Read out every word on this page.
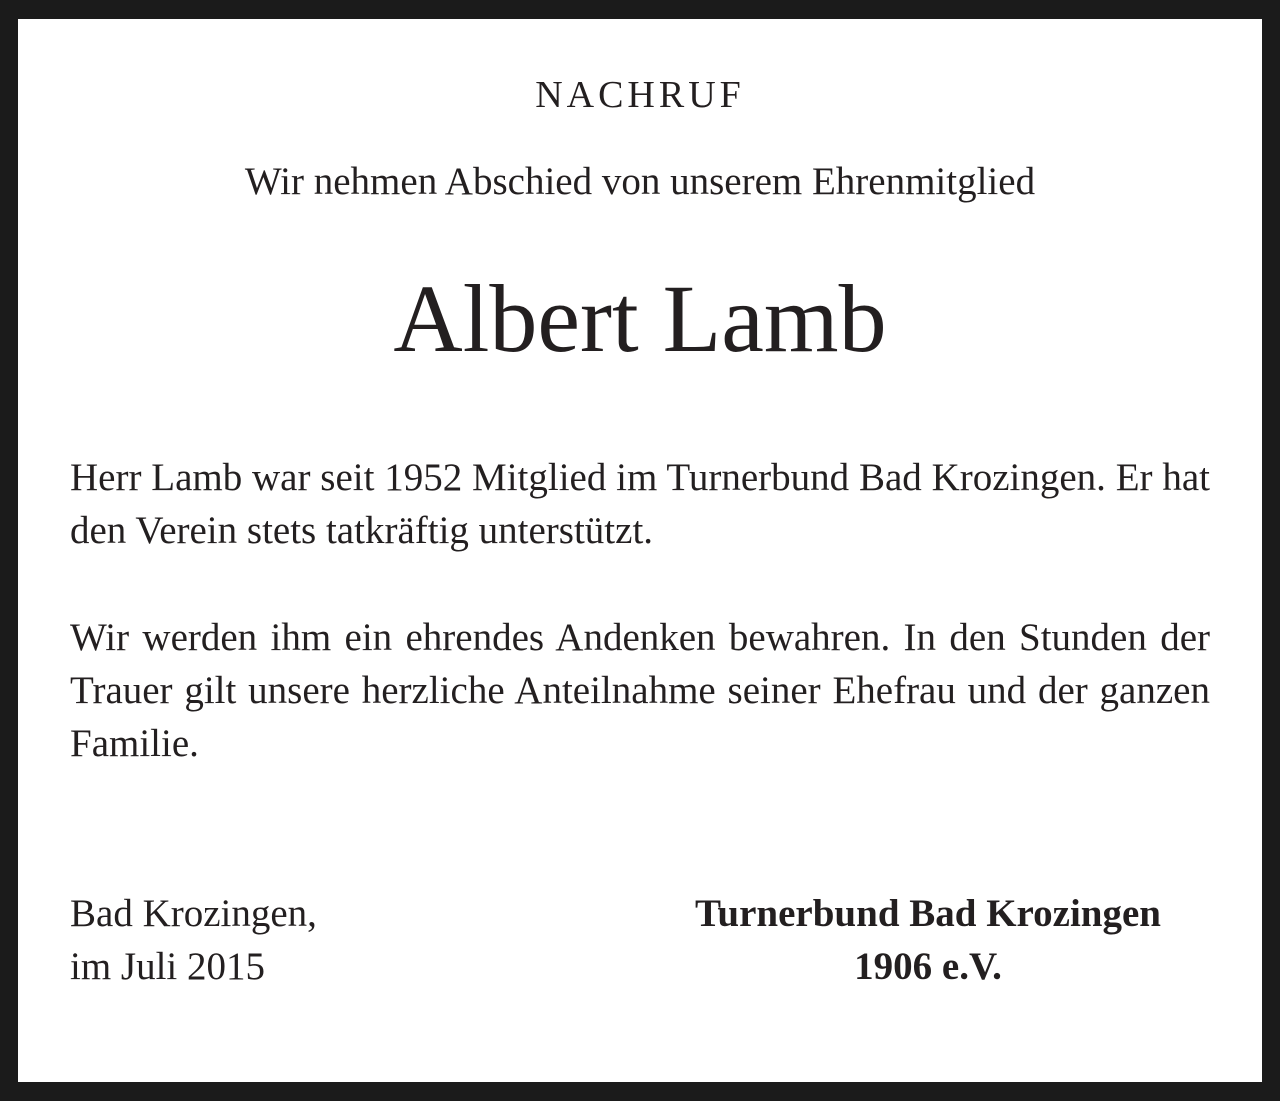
NACHRUF
Wir nehmen Abschied von unserem Ehrenmitglied
Albert Lamb

Herr Lamb war seit 1952 Mitglied im Turnerbund Bad Krozingen. Er hat den Verein stets tatkräftig unterstützt.

Wir werden ihm ein ehrendes Andenken bewahren. In den Stunden der Trauer gilt unsere herzliche Anteilnahme seiner Ehefrau und der ganzen Familie.

Bad Krozingen,
im Juli 2015
Turnerbund Bad Krozingen
1906 e.V.
